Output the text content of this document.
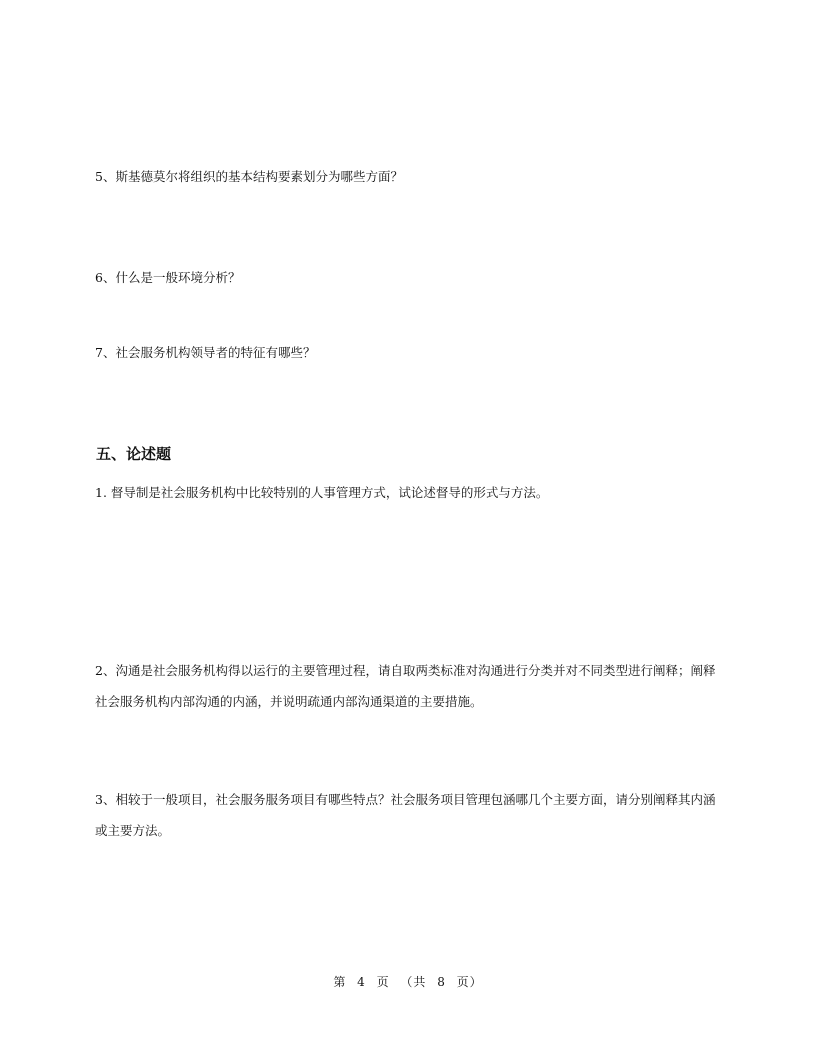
5、斯基德莫尔将组织的基本结构要素划分为哪些方面？

6、什么是一般环境分析？

7、社会服务机构领导者的特征有哪些？

五、论述题

1. 督导制是社会服务机构中比较特别的人事管理方式，试论述督导的形式与方法。

2、沟通是社会服务机构得以运行的主要管理过程，请自取两类标准对沟通进行分类并对不同类型进行阐释；阐释社会服务机构内部沟通的内涵，并说明疏通内部沟通渠道的主要措施。

3、相较于一般项目，社会服务服务项目有哪些特点？社会服务项目管理包涵哪几个主要方面，请分别阐释其内涵或主要方法。

第 4 页 （共 8 页）
